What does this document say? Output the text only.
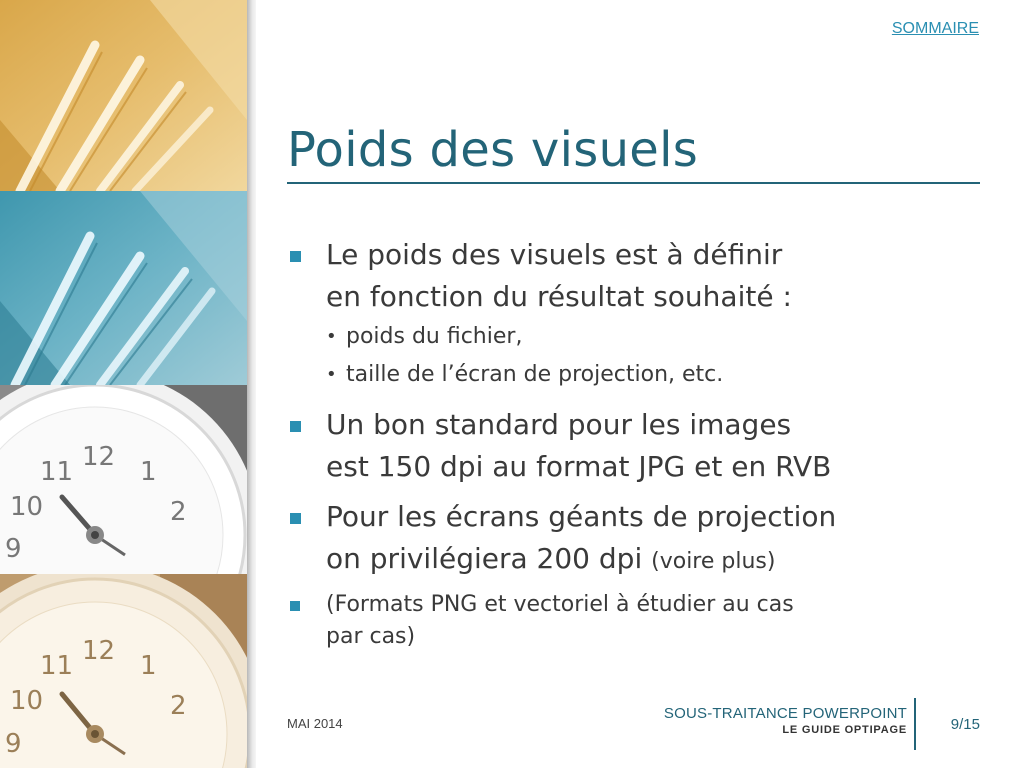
11 12
10
1
2
9
11 12
10
1
2
9
SOMMAIRE
Poids des visuels
Le poids des visuels est à définir
en fonction du résultat souhaité :
• poids du fichier,
• taille de l’écran de projection, etc.
Un bon standard pour les images
est 150 dpi au format JPG et en RVB
Pour les écrans géants de projection
on privilégiera 200 dpi (voire plus)
(Formats PNG et vectoriel à étudier au cas
par cas)
MAI 2014
SOUS-TRAITANCE POWERPOINT
LE GUIDE OPTIPAGE	9/15
